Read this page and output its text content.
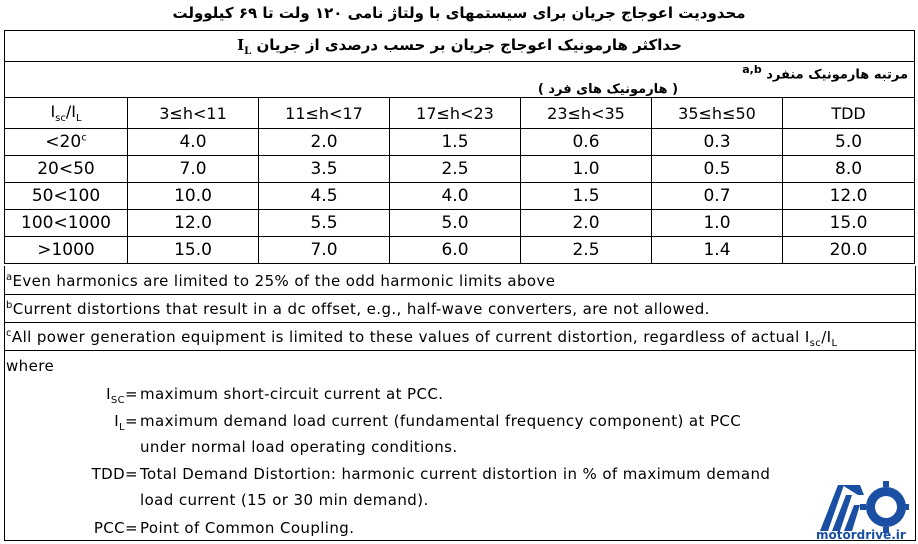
محدودیت اعوجاج جریان برای سیستمهای با ولتاژ نامی ۱۲۰ ولت تا ۶۹ کیلوولت
حداکثر هارمونیک اعوجاج جریان بر حسب درصدی از جریان $I_L$

مرتبه هارمونیک منفرد $^{a,b}$
( هارمونیک های فرد )						

$I_{sc}/I_L$	3≤h<11	11≤h<17	17≤h<23	23≤h<35	35≤h≤50	TDD
$<20^c$	4.0	2.0	1.5	0.6	0.3	5.0
20<50	7.0	3.5	2.5	1.0	0.5	8.0
50<100	10.0	4.5	4.0	1.5	0.7	12.0
100<1000	12.0	5.5	5.0	2.0	1.0	15.0
>1000	15.0	7.0	6.0	2.5	1.4	20.0
$^a$Even harmonics are limited to 25% of the odd harmonic limits above
$^b$Current distortions that result in a dc offset, e.g., half-wave converters, are not allowed.
$^c$All power generation equipment is limited to these values of current distortion, regardless of actual $I_{sc}/I_L$
where
$I_{SC}=$ maximum short-circuit current at PCC.
$I_L=$ maximum demand load current (fundamental frequency component) at PCC
under normal load operating conditions.
TDD= Total Demand Distortion: harmonic current distortion in % of maximum demand
load current (15 or 30 min demand).
PCC= Point of Common Coupling.	motordrive.ir
